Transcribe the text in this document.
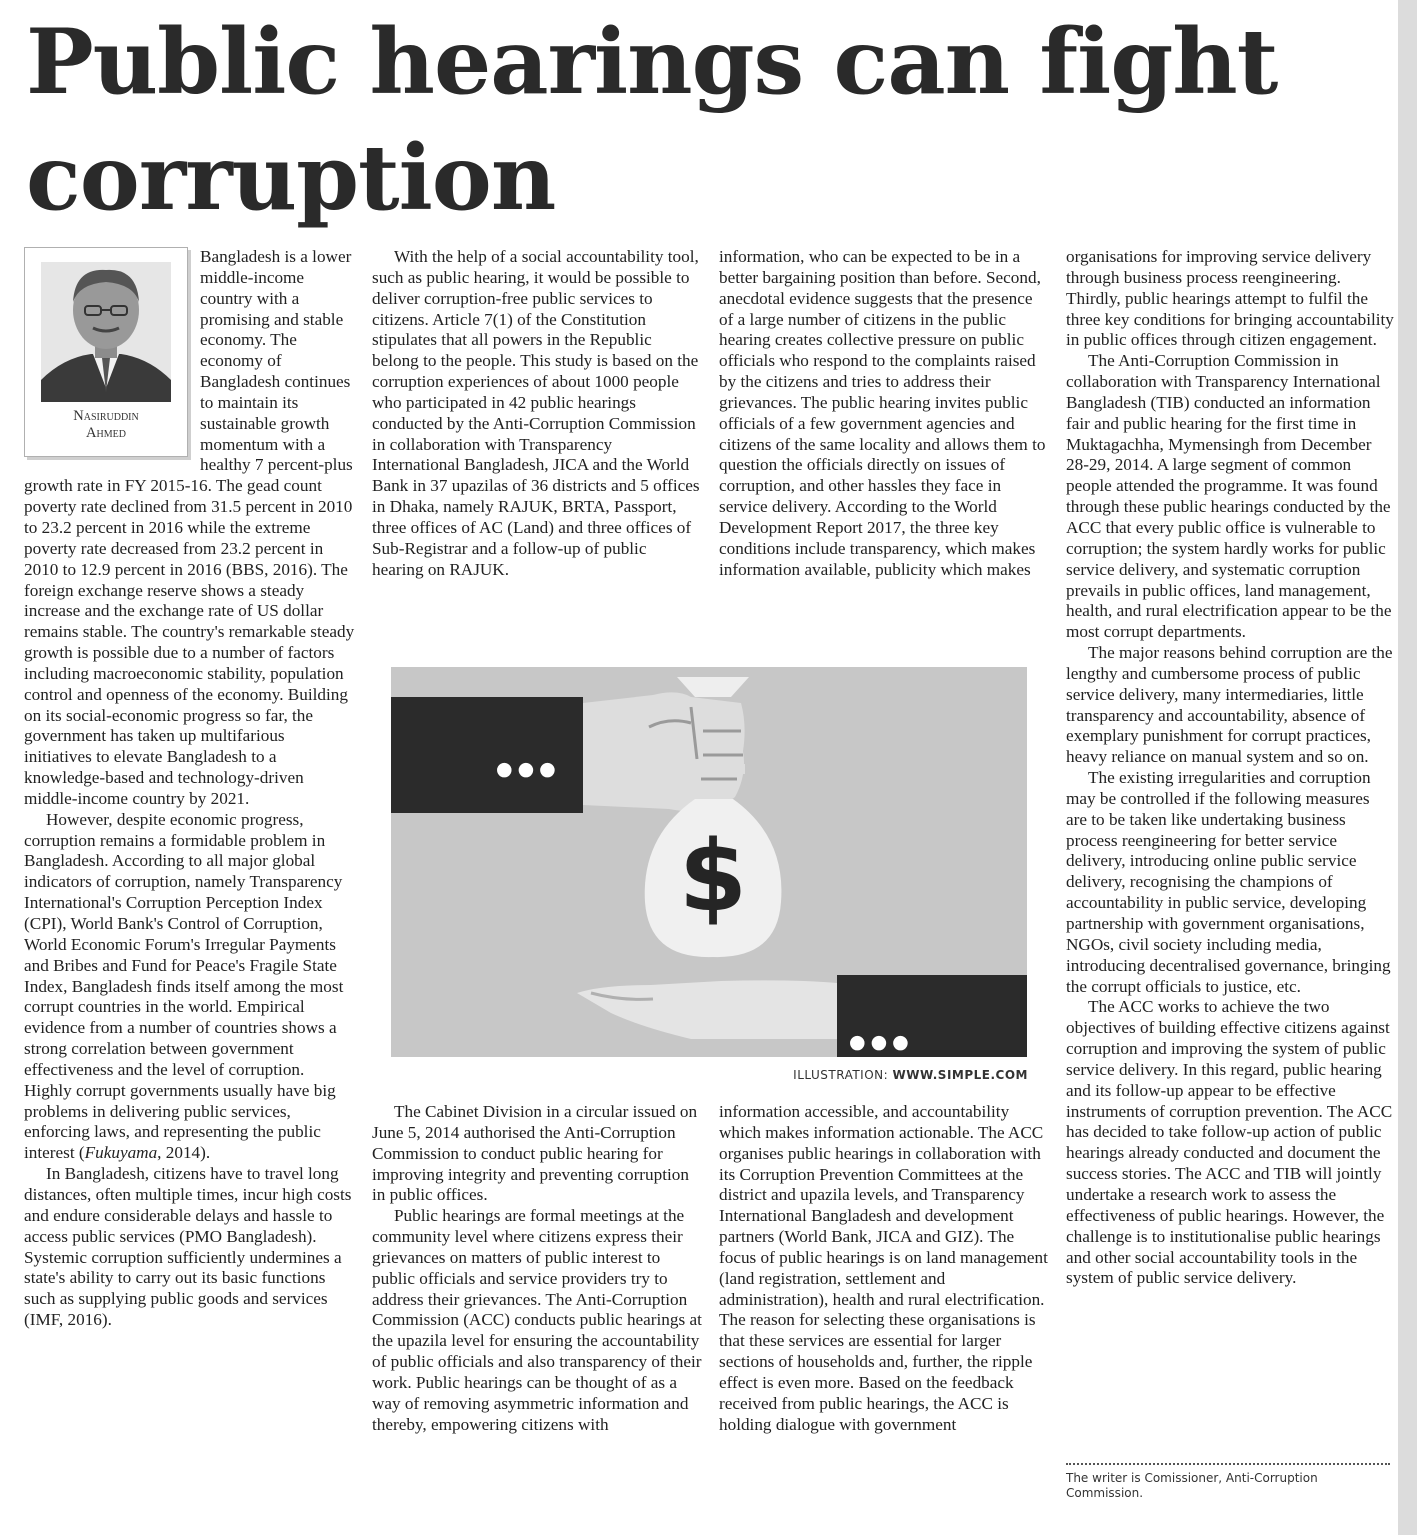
Public hearings can fight corruption
Nasiruddin
Ahmed

Bangladesh is a lower middle-income country with a promising and stable economy. The economy of Bangladesh continues to maintain its sustainable growth momentum with a healthy 7 percent-plus growth rate in FY 2015-16. The gead count poverty rate declined from 31.5 percent in 2010 to 23.2 percent in 2016 while the extreme poverty rate decreased from 23.2 percent in 2010 to 12.9 percent in 2016 (BBS, 2016). The foreign exchange reserve shows a steady increase and the exchange rate of US dollar remains stable. The country's remarkable steady growth is possible due to a number of factors including macroeconomic stability, population control and openness of the economy. Building on its social-economic progress so far, the government has taken up multifarious initiatives to elevate Bangladesh to a knowledge-based and technology-driven middle-income country by 2021.

However, despite economic progress, corruption remains a formidable problem in Bangladesh. According to all major global indicators of corruption, namely Transparency International's Corruption Perception Index (CPI), World Bank's Control of Corruption, World Economic Forum's Irregular Payments and Bribes and Fund for Peace's Fragile State Index, Bangladesh finds itself among the most corrupt countries in the world. Empirical evidence from a number of countries shows a strong correlation between government effectiveness and the level of corruption. Highly corrupt governments usually have big problems in delivering public services, enforcing laws, and representing the public interest (Fukuyama, 2014).

In Bangladesh, citizens have to travel long distances, often multiple times, incur high costs and endure considerable delays and hassle to access public services (PMO Bangladesh). Systemic corruption sufficiently undermines a state's ability to carry out its basic functions such as supplying public goods and services (IMF, 2016).

With the help of a social accountability tool, such as public hearing, it would be possible to deliver corruption-free public services to citizens. Article 7(1) of the Constitution stipulates that all powers in the Republic belong to the people. This study is based on the corruption experiences of about 1000 people who participated in 42 public hearings conducted by the Anti-Corruption Commission in collaboration with Transparency International Bangladesh, JICA and the World Bank in 37 upazilas of 36 districts and 5 offices in Dhaka, namely RAJUK, BRTA, Passport, three offices of AC (Land) and three offices of Sub-Registrar and a follow-up of public hearing on RAJUK.

The Cabinet Division in a circular issued on June 5, 2014 authorised the Anti-Corruption Commission to conduct public hearing for improving integrity and preventing corruption in public offices.

Public hearings are formal meetings at the community level where citizens express their grievances on matters of public interest to public officials and service providers try to address their grievances. The Anti-Corruption Commission (ACC) conducts public hearings at the upazila level for ensuring the accountability of public officials and also transparency of their work. Public hearings can be thought of as a way of removing asymmetric information and thereby, empowering citizens with

information, who can be expected to be in a better bargaining position than before. Second, anecdotal evidence suggests that the presence of a large number of citizens in the public hearing creates collective pressure on public officials who respond to the complaints raised by the citizens and tries to address their grievances. The public hearing invites public officials of a few government agencies and citizens of the same locality and allows them to question the officials directly on issues of corruption, and other hassles they face in service delivery. According to the World Development Report 2017, the three key conditions include transparency, which makes information available, publicity which makes

information accessible, and accountability which makes information actionable. The ACC organises public hearings in collaboration with its Corruption Prevention Committees at the district and upazila levels, and Transparency International Bangladesh and development partners (World Bank, JICA and GIZ). The focus of public hearings is on land management (land registration, settlement and administration), health and rural electrification. The reason for selecting these organisations is that these services are essential for larger sections of households and, further, the ripple effect is even more. Based on the feedback received from public hearings, the ACC is holding dialogue with government

organisations for improving service delivery through business process reengineering. Thirdly, public hearings attempt to fulfil the three key conditions for bringing accountability in public offices through citizen engagement.

The Anti-Corruption Commission in collaboration with Transparency International Bangladesh (TIB) conducted an information fair and public hearing for the first time in Muktagachha, Mymensingh from December 28-29, 2014. A large segment of common people attended the programme. It was found through these public hearings conducted by the ACC that every public office is vulnerable to corruption; the system hardly works for public service delivery, and systematic corruption prevails in public offices, land management, health, and rural electrification appear to be the most corrupt departments.

The major reasons behind corruption are the lengthy and cumbersome process of public service delivery, many intermediaries, little transparency and accountability, absence of exemplary punishment for corrupt practices, heavy reliance on manual system and so on.

The existing irregularities and corruption may be controlled if the following measures are to be taken like undertaking business process reengineering for better service delivery, introducing online public service delivery, recognising the champions of accountability in public service, developing partnership with government organisations, NGOs, civil society including media, introducing decentralised governance, bringing the corrupt officials to justice, etc.

The ACC works to achieve the two objectives of building effective citizens against corruption and improving the system of public service delivery. In this regard, public hearing and its follow-up appear to be effective instruments of corruption prevention. The ACC has decided to take follow-up action of public hearings already conducted and document the success stories. The ACC and TIB will jointly undertake a research work to assess the effectiveness of public hearings. However, the challenge is to institutionalise public hearings and other social accountability tools in the system of public service delivery.

●●●
$
●●●
ILLUSTRATION: WWW.SIMPLE.COM
The writer is Comissioner, Anti-Corruption Commission.
